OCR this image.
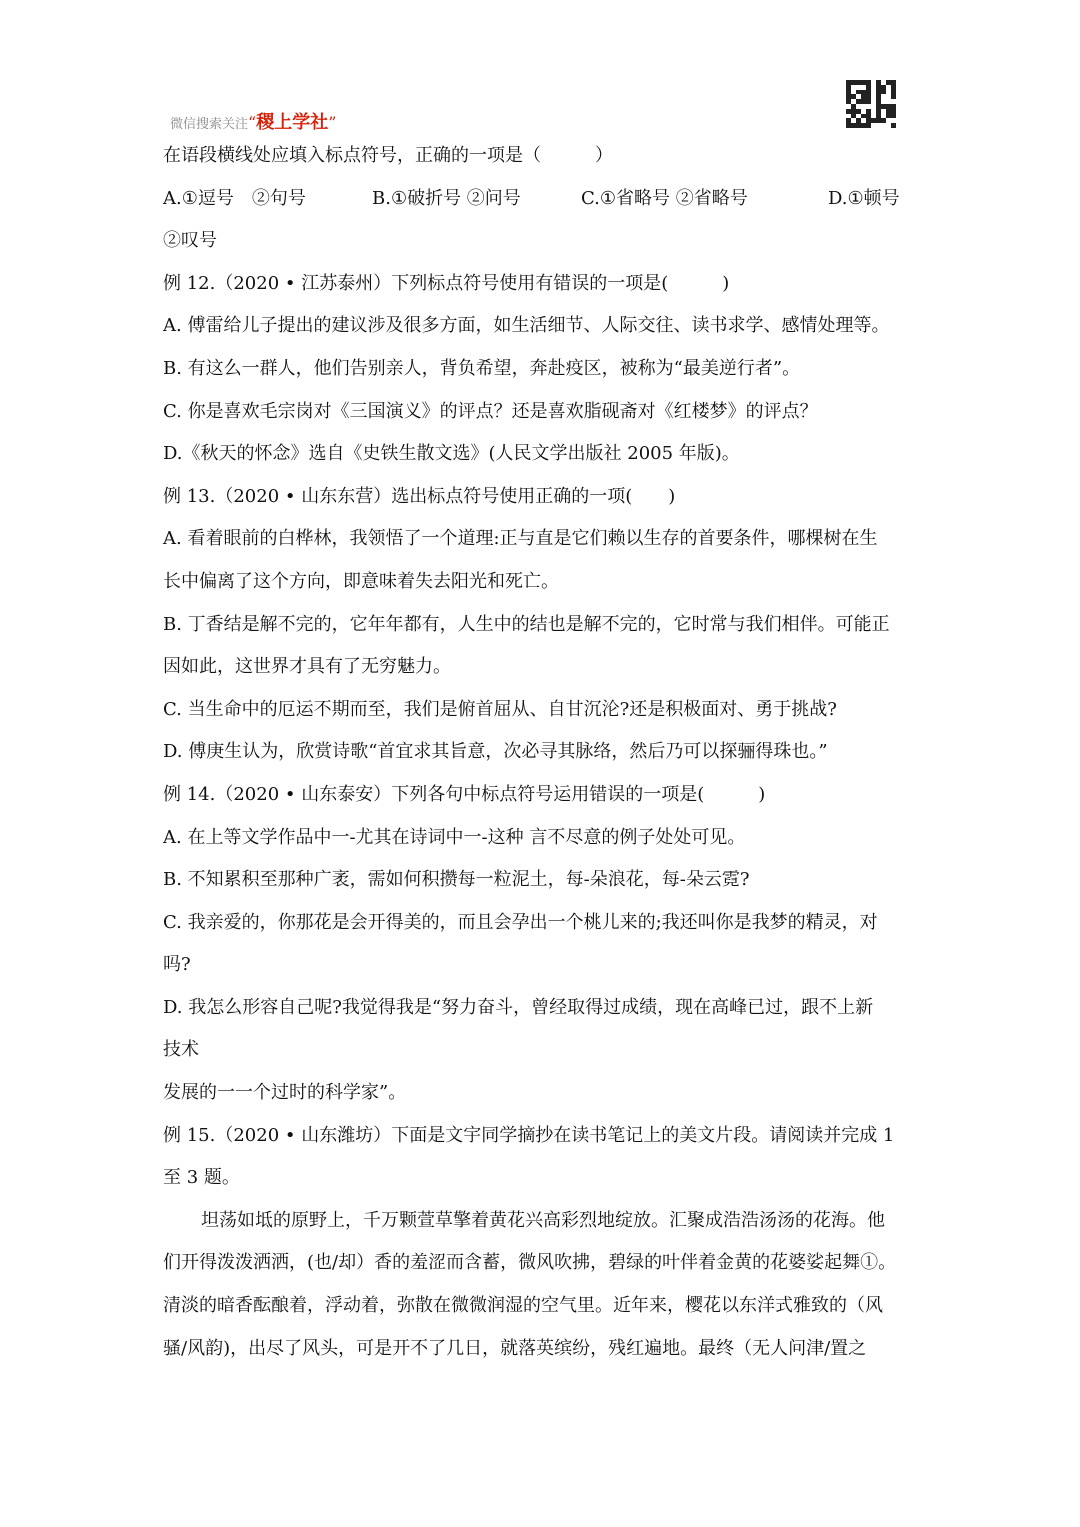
微信搜索关注“稷上学社”
在语段横线处应填入标点符号，正确的一项是（　　　）
A.①逗号　②句号	B.①破折号 ②问号	C.①省略号 ②省略号	D.①顿号
②叹号
例 12.（2020 • 江苏泰州）下列标点符号使用有错误的一项是(　　　)
A. 傅雷给儿子提出的建议涉及很多方面，如生活细节、人际交往、读书求学、感情处理等。
B. 有这么一群人，他们告别亲人，背负希望，奔赴疫区，被称为“最美逆行者”。
C. 你是喜欢毛宗岗对《三国演义》的评点？还是喜欢脂砚斋对《红楼梦》的评点？
D.《秋天的怀念》选自《史铁生散文选》(人民文学出版社 2005 年版)。
例 13.（2020 • 山东东营）选出标点符号使用正确的一项(　　)
A. 看着眼前的白桦林，我领悟了一个道理:正与直是它们赖以生存的首要条件，哪棵树在生
长中偏离了这个方向，即意味着失去阳光和死亡。
B. 丁香结是解不完的，它年年都有，人生中的结也是解不完的，它时常与我们相伴。可能正
因如此，这世界才具有了无穷魅力。
C. 当生命中的厄运不期而至，我们是俯首屈从、自甘沉沦?还是积极面对、勇于挑战?
D. 傅庚生认为，欣赏诗歌“首宜求其旨意，次必寻其脉络，然后乃可以探骊得珠也。”
例 14.（2020 • 山东泰安）下列各句中标点符号运用错误的一项是(　　　)
A. 在上等文学作品中一-尤其在诗词中一-这种 言不尽意的例子处处可见。
B. 不知累积至那种广袤，需如何积攒每一粒泥土，每-朵浪花，每-朵云霓?
C. 我亲爱的，你那花是会开得美的，而且会孕出一个桃儿来的;我还叫你是我梦的精灵，对
吗?
D. 我怎么形容自己呢?我觉得我是“努力奋斗，曾经取得过成绩，现在高峰已过，跟不上新
技术
发展的一一个过时的科学家”。
例 15.（2020 • 山东潍坊）下面是文宇同学摘抄在读书笔记上的美文片段。请阅读并完成 1
至 3 题。
坦荡如坻的原野上，千万颗萱草擎着黄花兴高彩烈地绽放。汇聚成浩浩汤汤的花海。他
们开得泼泼洒洒，(也/却）香的羞涩而含蓄，微风吹拂，碧绿的叶伴着金黄的花婆娑起舞①。
清淡的暗香酝酿着，浮动着，弥散在微微润湿的空气里。近年来，樱花以东洋式雅致的（风
骚/风韵)，出尽了风头，可是开不了几日，就落英缤纷，残红遍地。最终（无人问津/置之
